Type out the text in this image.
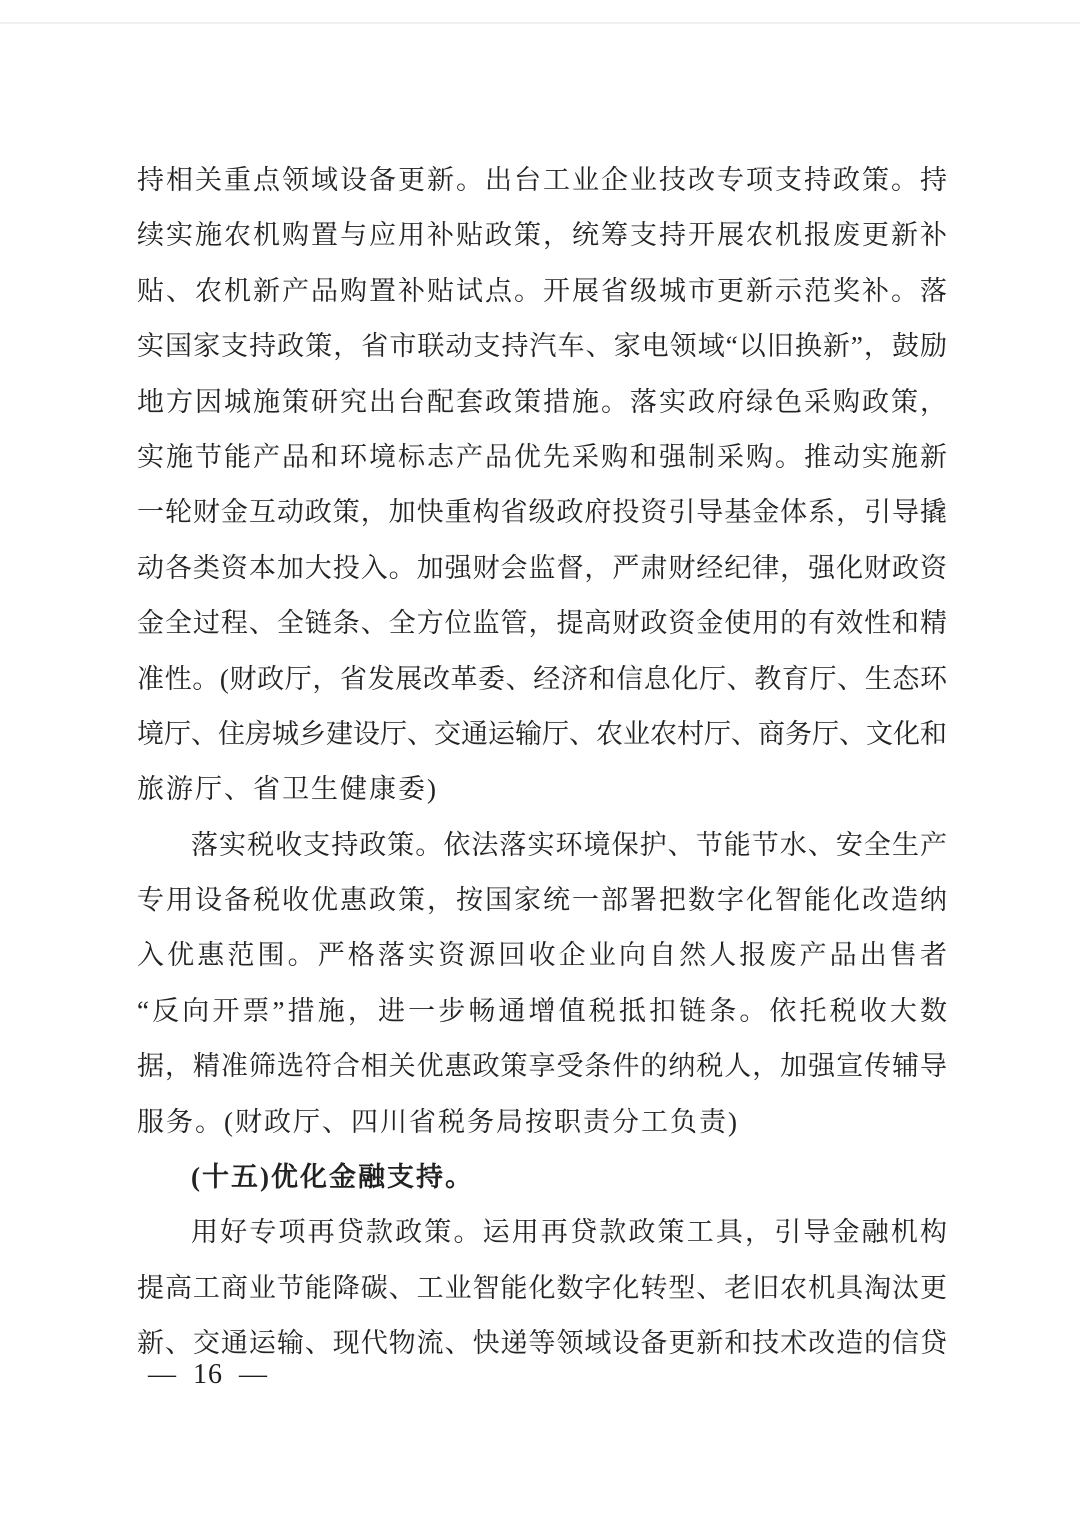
持相关重点领域设备更新。出台工业企业技改专项支持政策。持
续实施农机购置与应用补贴政策，统筹支持开展农机报废更新补
贴、农机新产品购置补贴试点。开展省级城市更新示范奖补。落
实国家支持政策，省市联动支持汽车、家电领域“以旧换新”，鼓励
地方因城施策研究出台配套政策措施。落实政府绿色采购政策，
实施节能产品和环境标志产品优先采购和强制采购。推动实施新
一轮财金互动政策，加快重构省级政府投资引导基金体系，引导撬
动各类资本加大投入。加强财会监督，严肃财经纪律，强化财政资
金全过程、全链条、全方位监管，提高财政资金使用的有效性和精
准性。(财政厅，省发展改革委、经济和信息化厅、教育厅、生态环
境厅、住房城乡建设厅、交通运输厅、农业农村厅、商务厅、文化和
旅游厅、省卫生健康委)
落实税收支持政策。依法落实环境保护、节能节水、安全生产
专用设备税收优惠政策，按国家统一部署把数字化智能化改造纳
入优惠范围。严格落实资源回收企业向自然人报废产品出售者
“反向开票”措施，进一步畅通增值税抵扣链条。依托税收大数
据，精准筛选符合相关优惠政策享受条件的纳税人，加强宣传辅导
服务。(财政厅、四川省税务局按职责分工负责)
(十五)优化金融支持。
用好专项再贷款政策。运用再贷款政策工具，引导金融机构
提高工商业节能降碳、工业智能化数字化转型、老旧农机具淘汰更
新、交通运输、现代物流、快递等领域设备更新和技术改造的信贷
— 16 —
